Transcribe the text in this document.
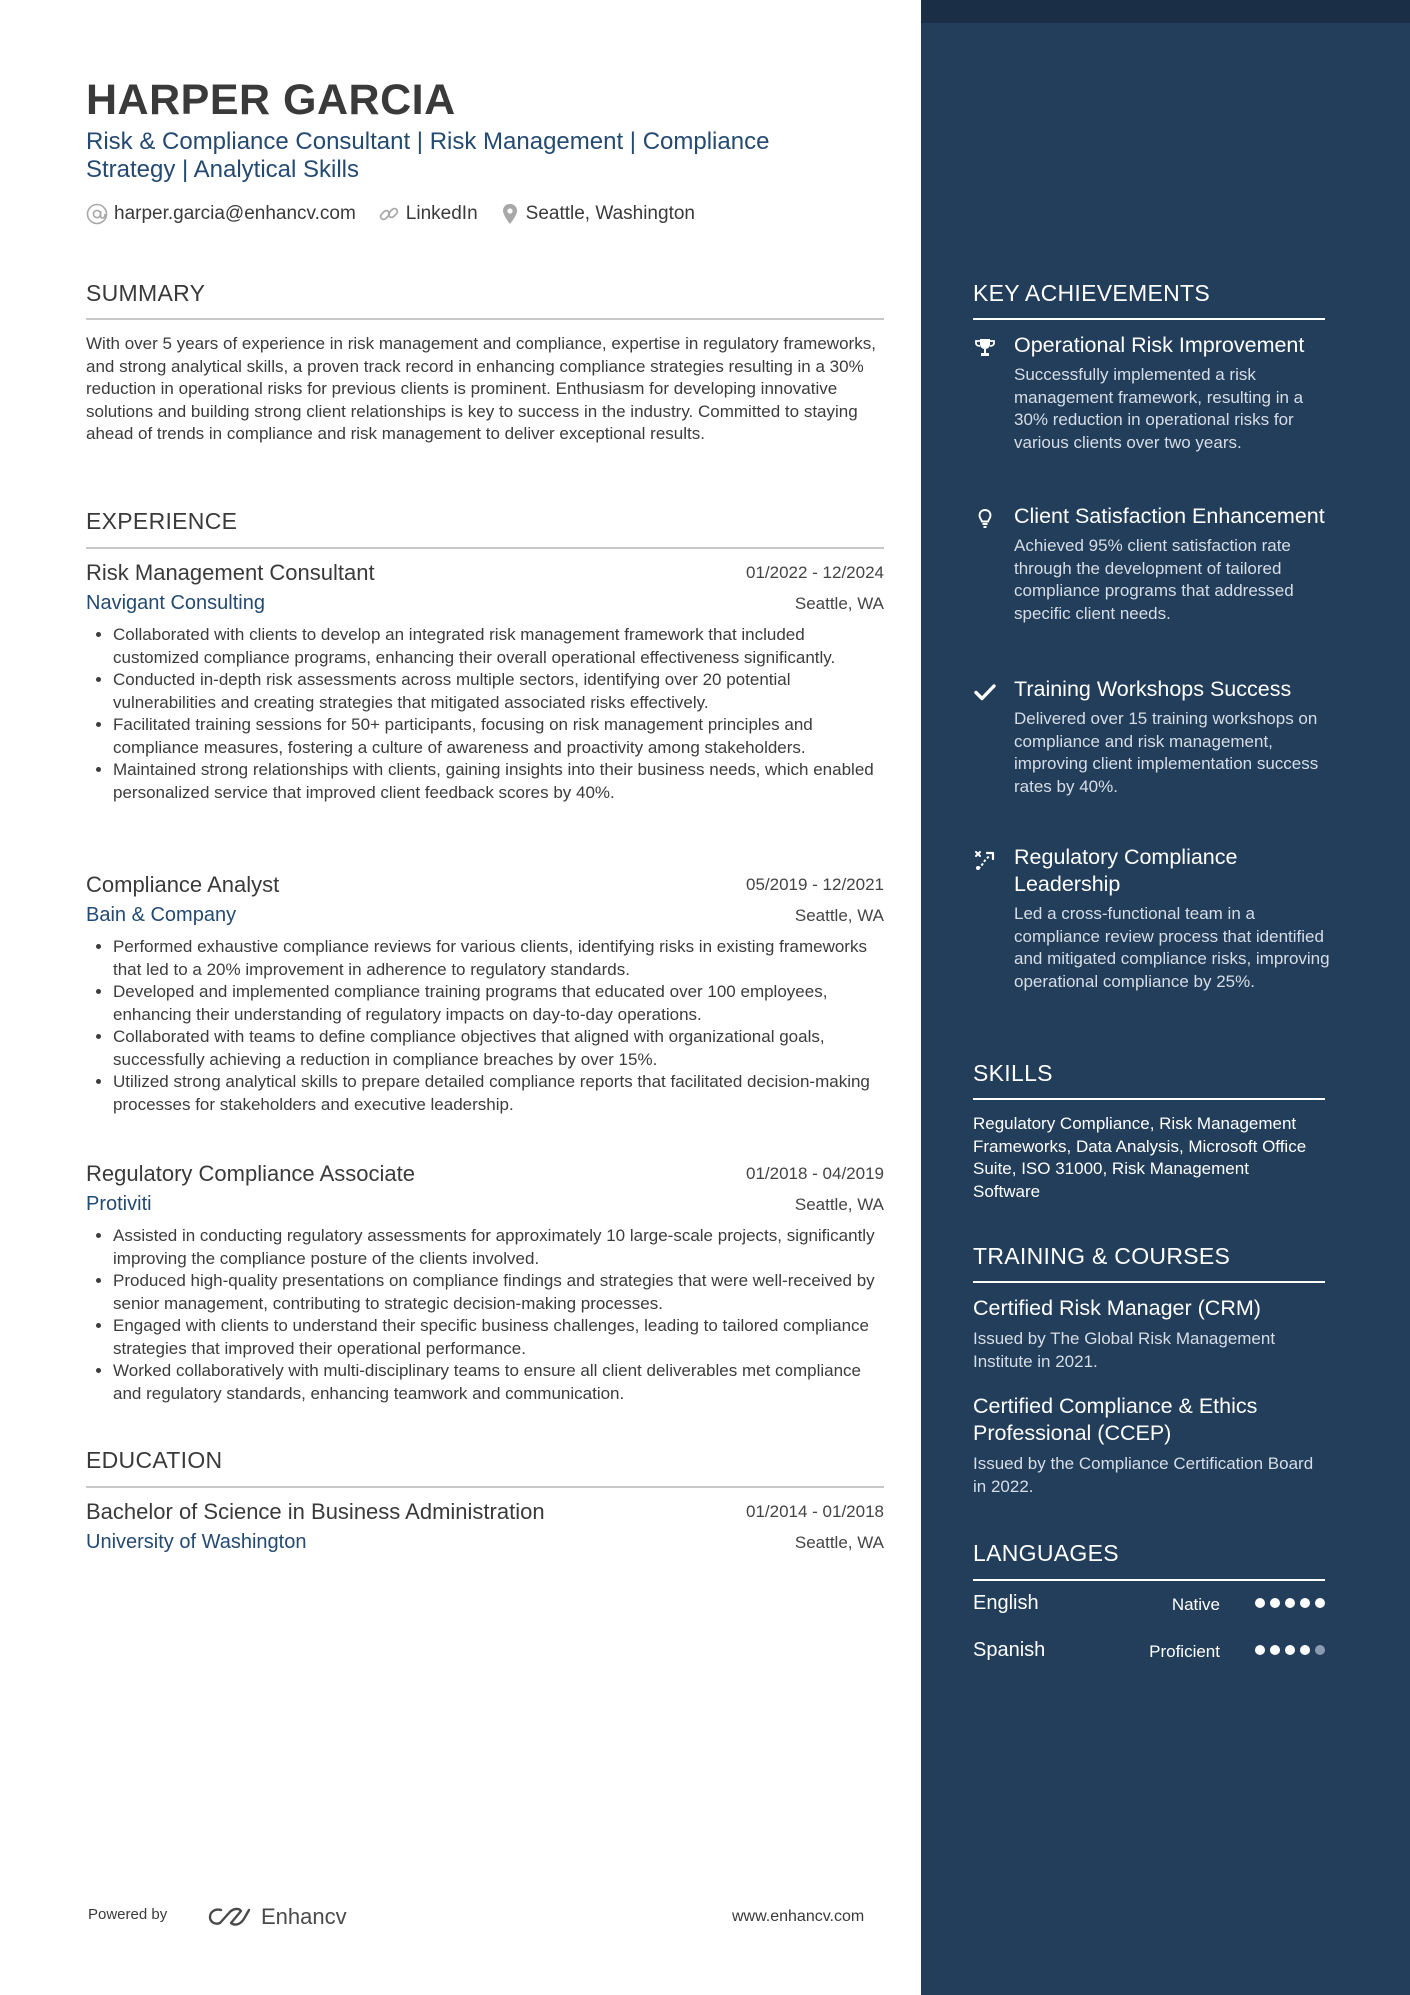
HARPER GARCIA
Risk & Compliance Consultant | Risk Management | Compliance Strategy | Analytical Skills
harper.garcia@enhancv.com	LinkedIn	Seattle, Washington
SUMMARY
With over 5 years of experience in risk management and compliance, expertise in regulatory frameworks, and strong analytical skills, a proven track record in enhancing compliance strategies resulting in a 30% reduction in operational risks for previous clients is prominent. Enthusiasm for developing innovative solutions and building strong client relationships is key to success in the industry. Committed to staying ahead of trends in compliance and risk management to deliver exceptional results.
EXPERIENCE
Risk Management Consultant	01/2022 - 12/2024
Navigant Consulting	Seattle, WA
• Collaborated with clients to develop an integrated risk management framework that included customized compliance programs, enhancing their overall operational effectiveness significantly.
• Conducted in-depth risk assessments across multiple sectors, identifying over 20 potential vulnerabilities and creating strategies that mitigated associated risks effectively.
• Facilitated training sessions for 50+ participants, focusing on risk management principles and compliance measures, fostering a culture of awareness and proactivity among stakeholders.
• Maintained strong relationships with clients, gaining insights into their business needs, which enabled personalized service that improved client feedback scores by 40%.
Compliance Analyst	05/2019 - 12/2021
Bain & Company	Seattle, WA
• Performed exhaustive compliance reviews for various clients, identifying risks in existing frameworks that led to a 20% improvement in adherence to regulatory standards.
• Developed and implemented compliance training programs that educated over 100 employees, enhancing their understanding of regulatory impacts on day-to-day operations.
• Collaborated with teams to define compliance objectives that aligned with organizational goals, successfully achieving a reduction in compliance breaches by over 15%.
• Utilized strong analytical skills to prepare detailed compliance reports that facilitated decision-making processes for stakeholders and executive leadership.
Regulatory Compliance Associate	01/2018 - 04/2019
Protiviti	Seattle, WA
• Assisted in conducting regulatory assessments for approximately 10 large-scale projects, significantly improving the compliance posture of the clients involved.
• Produced high-quality presentations on compliance findings and strategies that were well-received by senior management, contributing to strategic decision-making processes.
• Engaged with clients to understand their specific business challenges, leading to tailored compliance strategies that improved their operational performance.
• Worked collaboratively with multi-disciplinary teams to ensure all client deliverables met compliance and regulatory standards, enhancing teamwork and communication.
EDUCATION
Bachelor of Science in Business Administration	01/2014 - 01/2018
University of Washington	Seattle, WA
Powered by	Enhancv	www.enhancv.com
KEY ACHIEVEMENTS
Operational Risk Improvement
Successfully implemented a risk management framework, resulting in a 30% reduction in operational risks for various clients over two years.
Client Satisfaction Enhancement
Achieved 95% client satisfaction rate through the development of tailored compliance programs that addressed specific client needs.
Training Workshops Success
Delivered over 15 training workshops on compliance and risk management, improving client implementation success rates by 40%.
Regulatory Compliance Leadership
Led a cross-functional team in a compliance review process that identified and mitigated compliance risks, improving operational compliance by 25%.
SKILLS
Regulatory Compliance, Risk Management Frameworks, Data Analysis, Microsoft Office Suite, ISO 31000, Risk Management Software
TRAINING & COURSES
Certified Risk Manager (CRM)
Issued by The Global Risk Management Institute in 2021.
Certified Compliance & Ethics Professional (CCEP)
Issued by the Compliance Certification Board in 2022.
LANGUAGES
English	Native
Spanish	Proficient
